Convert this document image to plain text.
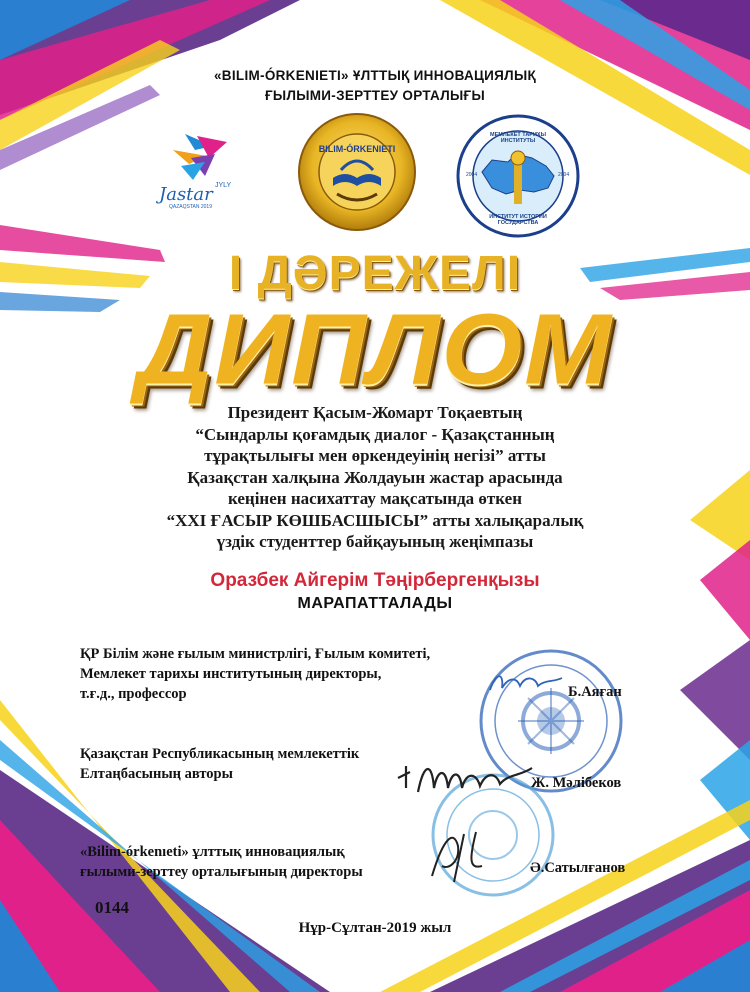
«BILIM-ÓRKENIETI» ҰЛТТЫҚ ИННОВАЦИЯЛЫҚ
ҒЫЛЫМИ-ЗЕРТТЕУ ОРТАЛЫҒЫ
Jastar JYLY
QAZAQSTAN 2019
BILIM-ÓRKENIETI
МЕМЛЕКЕТ ТАРИХЫ ИНСТИТУТЫ
ИНСТИТУТ ИСТОРИИ ГОСУДАРСТВА
2004	2004
I ДӘРЕЖЕЛІ
ДИПЛОМ
Президент Қасым-Жомарт Тоқаевтың
“Сындарлы қоғамдық диалог - Қазақстанның
тұрақтылығы мен өркендеуінің негізі” атты
Қазақстан халқына Жолдауын жастар арасында
кеңінен насихаттау мақсатында өткен
“XXI ҒАСЫР КӨШБАСШЫСЫ” атты халықаралық
үздік студенттер байқауының жеңімпазы
Оразбек Айгерім Тәңірбергенқызы
МАРАПАТТАЛАДЫ
ҚР Білім және ғылым министрлігі, Ғылым комитеті,
Мемлекет тарихы институтының директоры,
т.ғ.д., профессор	Б.Аяған
Қазақстан Республикасының мемлекеттік
Елтаңбасының авторы
Ж. Мәлібеков
«Bilim-órkenıeti» ұлттық инновациялық
ғылыми-зерттеу орталығының директоры	Ә.Сатылғанов
0144
Нұр-Сұлтан-2019 жыл
